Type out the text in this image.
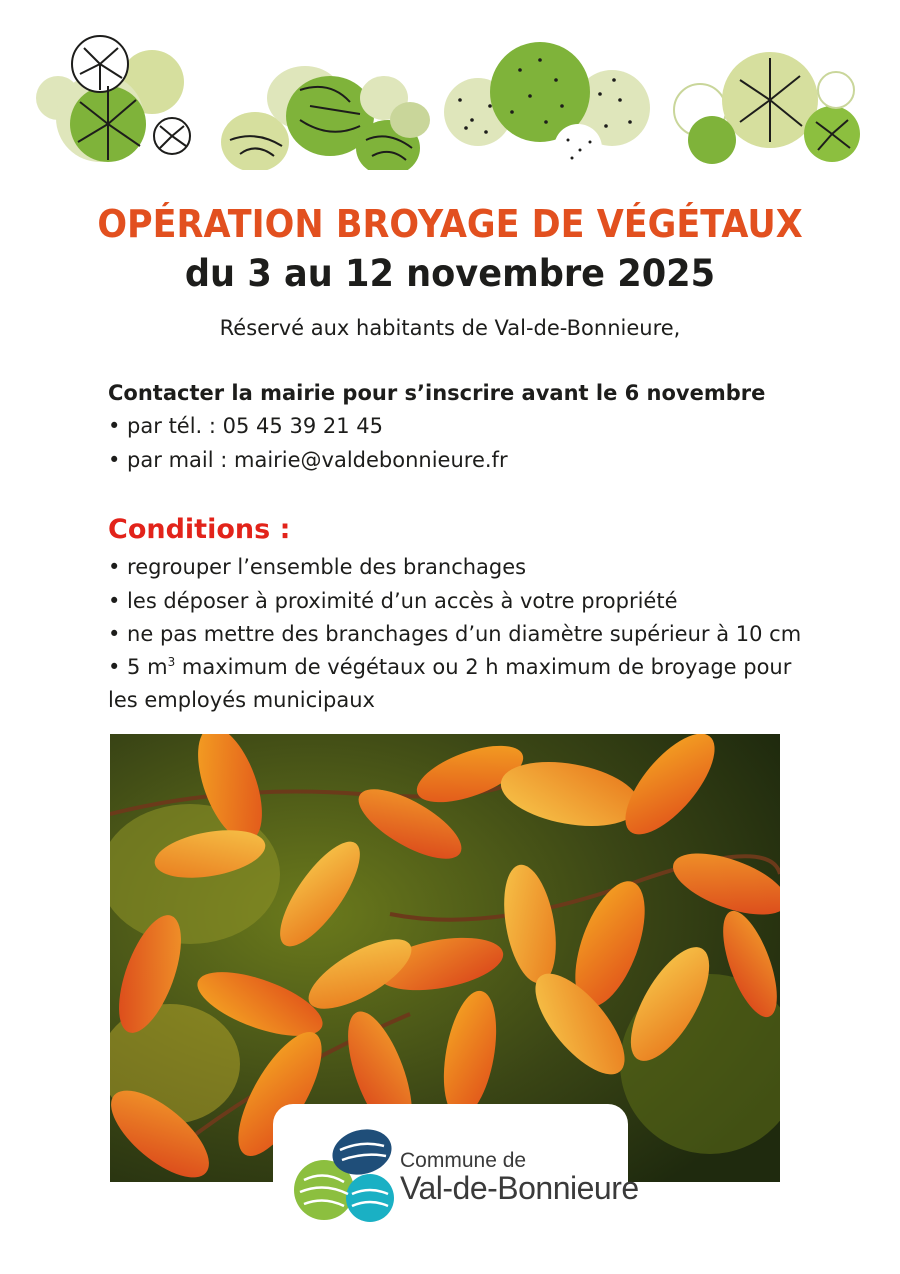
OPÉRATION BROYAGE DE VÉGÉTAUX
du 3 au 12 novembre 2025
Réservé aux habitants de Val-de-Bonnieure,
Contacter la mairie pour s’inscrire avant le 6 novembre
• par tél. : 05 45 39 21 45
• par mail : mairie@valdebonnieure.fr
Conditions :
• regrouper l’ensemble des branchages
• les déposer à proximité d’un accès à votre propriété
• ne pas mettre des branchages d’un diamètre supérieur à 10 cm
• 5 $m^3$ maximum de végétaux ou 2 h maximum de broyage pour
les employés municipaux
Commune de
Val-de-Bonnieure
